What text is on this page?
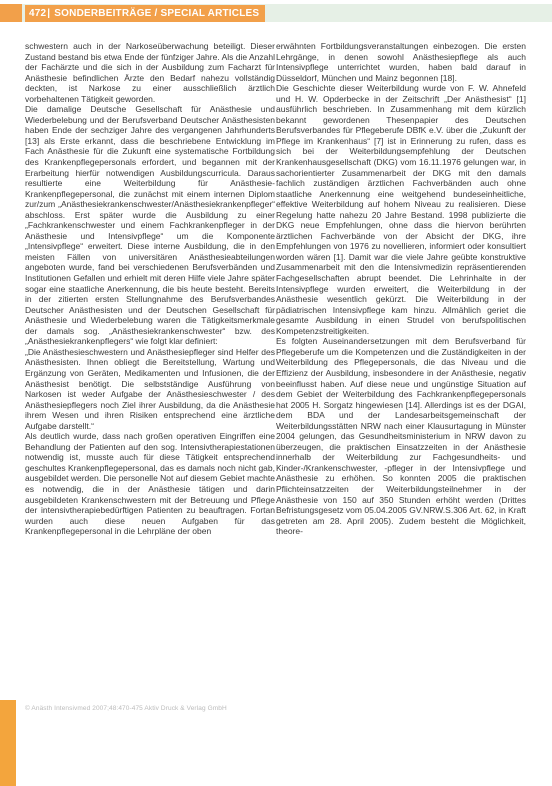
472| SONDERBEITRÄGE / SPECIAL ARTICLES

schwestern auch in der Narkoseüberwachung beteiligt. Dieser Zustand bestand bis etwa Ende der fünfziger Jahre. Als die Anzahl der Fachärzte und die sich in der Ausbildung zum Facharzt für Anästhesie befindlichen Ärzte den Bedarf nahezu vollständig deckten, ist Narkose zu einer ausschließlich ärztlich vorbehaltenen Tätigkeit geworden.

Die damalige Deutsche Gesellschaft für Anästhesie und Wiederbelebung und der Berufsverband Deutscher Anästhesisten haben Ende der sechziger Jahre des vergangenen Jahrhunderts [13] als Erste erkannt, dass die beschriebene Entwicklung im Fach Anästhesie für die Zukunft eine systematische Fortbildung des Krankenpflegepersonals erfordert, und begannen mit der Erarbeitung hierfür notwendigen Ausbildungscurricula. Daraus resultierte eine Weiterbildung für Anästhesie-Krankenpflegepersonal, die zunächst mit einem internen Diplom zur/zum „Anästhesiekrankenschwester/Anästhesiekrankenpfleger“ abschloss. Erst später wurde die Ausbildung zu einer „Fachkrankenschwester und einem Fachkrankenpfleger in der Anästhesie und Intensivpflege“ um die Komponente „Intensivpflege“ erweitert. Diese interne Ausbildung, die in den meisten Fällen von universitären Anästhesieabteilungen angeboten wurde, fand bei verschiedenen Berufsverbänden und Institutionen Gefallen und erhielt mit deren Hilfe viele Jahre später sogar eine staatliche Anerkennung, die bis heute besteht. Bereits in der zitierten ersten Stellungnahme des Berufsverbandes Deutscher Anästhesisten und der Deutschen Gesellschaft für Anästhesie und Wiederbelebung waren die Tätigkeitsmerkmale der damals sog. „Anästhesiekrankenschwester“ bzw. des „Anästhesiekrankenpflegers“ wie folgt klar definiert:

„Die Anästhesieschwestern und Anästhesiepfleger sind Helfer des Anästhesisten. Ihnen obliegt die Bereitstellung, Wartung und Ergänzung von Geräten, Medikamenten und Infusionen, die der Anästhesist benötigt. Die selbstständige Ausführung von Narkosen ist weder Aufgabe der Anästhesieschwester / des Anästhesiepflegers noch Ziel ihrer Ausbildung, da die Anästhesie ihrem Wesen und ihren Risiken entsprechend eine ärztliche Aufgabe darstellt.“

Als deutlich wurde, dass nach großen operativen Eingriffen eine Behandlung der Patienten auf den sog. Intensivtherapiestationen notwendig ist, musste auch für diese Tätigkeit entsprechend geschultes Krankenpflegepersonal, das es damals noch nicht gab, ausgebildet werden. Die personelle Not auf diesem Gebiet machte es notwendig, die in der Anästhesie tätigen und darin ausgebildeten Krankenschwestern mit der Betreuung und Pflege der intensivtherapiebedürftigen Patienten zu beauftragen. Fortan wurden auch diese neuen Aufgaben für das Krankenpflegepersonal in die Lehrpläne der oben

erwähnten Fortbildungsveranstaltungen einbezogen. Die ersten Lehrgänge, in denen sowohl Anästhesiepflege als auch Intensivpflege unterrichtet wurden, haben bald darauf in Düsseldorf, München und Mainz begonnen [18].

Die Geschichte dieser Weiterbildung wurde von F. W. Ahnefeld und H. W. Opderbecke in der Zeitschrift „Der Anästhesist“ [1] ausführlich beschrieben. In Zusammenhang mit dem kürzlich bekannt gewordenen Thesenpapier des Deutschen Berufsverbandes für Pflegeberufe DBfK e.V. über die „Zukunft der Pflege im Krankenhaus“ [7] ist in Erinnerung zu rufen, dass es sich bei der Weiterbildungsempfehlung der Deutschen Krankenhausgesellschaft (DKG) vom 16.11.1976 gelungen war, in sachorientierter Zusammenarbeit der DKG mit den damals fachlich zuständigen ärztlichen Fachverbänden auch ohne staatliche Anerkennung eine weitgehend bundeseinheitliche, effektive Weiterbildung auf hohem Niveau zu realisieren. Diese Regelung hatte nahezu 20 Jahre Bestand. 1998 publizierte die DKG neue Empfehlungen, ohne dass die hiervon berührten ärztlichen Fachverbände von der Absicht der DKG, ihre Empfehlungen von 1976 zu novellieren, informiert oder konsultiert worden wären [1]. Damit war die viele Jahre geübte konstruktive Zusammenarbeit mit den die Intensivmedizin repräsentierenden Fachgesellschaften abrupt beendet. Die Lehrinhalte in der Intensivpflege wurden erweitert, die Weiterbildung in der Anästhesie wesentlich gekürzt. Die Weiterbildung in der pädiatrischen Intensivpflege kam hinzu. Allmählich geriet die gesamte Ausbildung in einen Strudel von berufspolitischen Kompetenzstreitigkeiten.

Es folgten Auseinandersetzungen mit dem Berufsverband für Pflegeberufe um die Kompetenzen und die Zuständigkeiten in der Weiterbildung des Pflegepersonals, die das Niveau und die Effizienz der Ausbildung, insbesondere in der Anästhesie, negativ beeinflusst haben. Auf diese neue und ungünstige Situation auf dem Gebiet der Weiterbildung des Fachkrankenpflegepersonals hat 2005 H. Sorgatz hingewiesen [14]. Allerdings ist es der DGAI, dem BDA und der Landesarbeitsgemeinschaft der Weiterbildungsstätten NRW nach einer Klausurtagung in Münster 2004 gelungen, das Gesundheitsministerium in NRW davon zu überzeugen, die praktischen Einsatzzeiten in der Anästhesie innerhalb der Weiterbildung zur Fachgesundheits- und Kinder-/Krankenschwester, -pfleger in der Intensivpflege und Anästhesie zu erhöhen. So konnten 2005 die praktischen Pflichteinsatzzeiten der Weiterbildungsteilnehmer in der Anästhesie von 150 auf 350 Stunden erhöht werden (Drittes Befristungsgesetz vom 05.04.2005 GV.NRW.S.306 Art. 62, in Kraft getreten am 28. April 2005). Zudem besteht die Möglichkeit, theore-

© Anästh Intensivmed 2007;48:470-475 Aktiv Druck & Verlag GmbH
